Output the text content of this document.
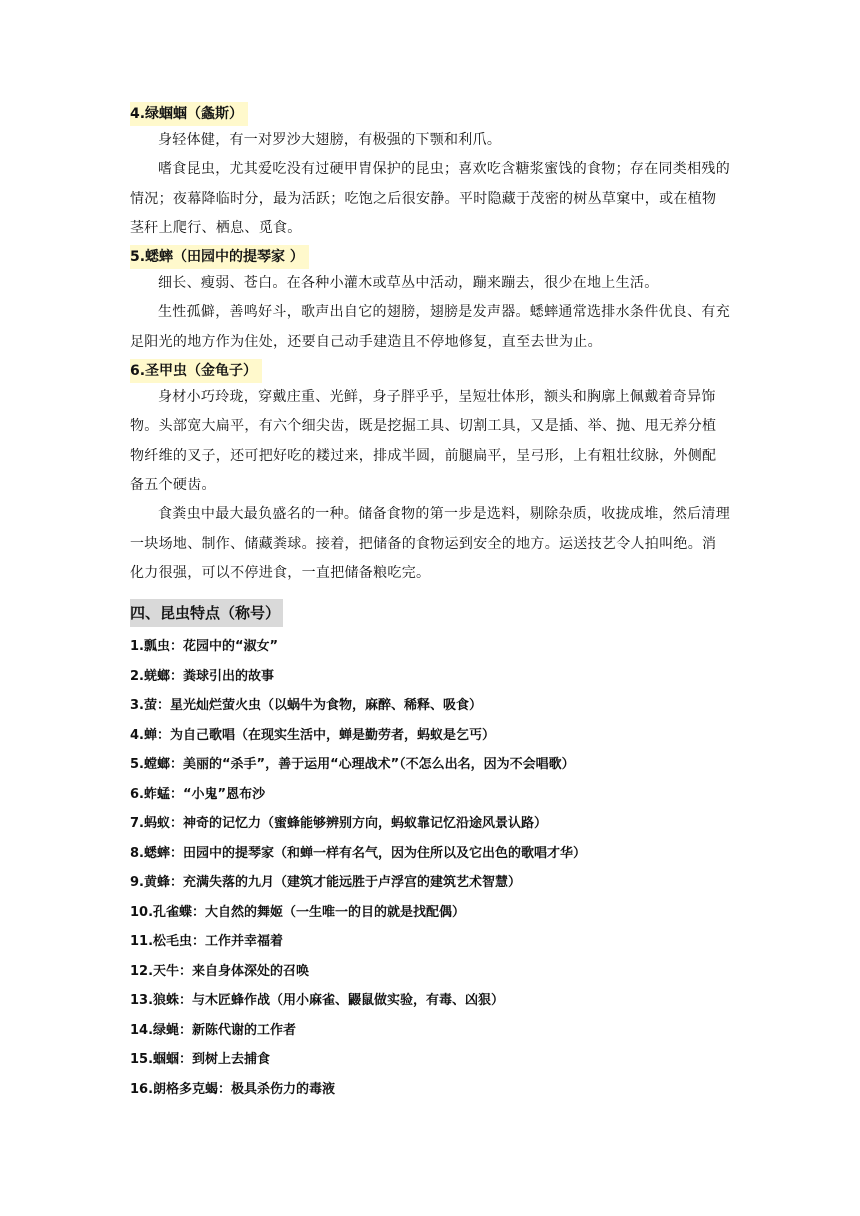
4.绿蝈蝈（螽斯）

身轻体健，有一对罗沙大翅膀，有极强的下颚和利爪。

嗜食昆虫，尤其爱吃没有过硬甲胄保护的昆虫；喜欢吃含糖浆蜜饯的食物；存在同类相残的情况；夜幕降临时分，最为活跃；吃饱之后很安静。平时隐藏于茂密的树丛草窠中，或在植物茎秆上爬行、栖息、觅食。

5.蟋蟀（田园中的提琴家 ）

细长、瘦弱、苍白。在各种小灌木或草丛中活动，蹦来蹦去，很少在地上生活。

生性孤僻，善鸣好斗，歌声出自它的翅膀，翅膀是发声器。蟋蟀通常选排水条件优良、有充足阳光的地方作为住处，还要自己动手建造且不停地修复，直至去世为止。

6.圣甲虫（金龟子）

身材小巧玲珑，穿戴庄重、光鲜，身子胖乎乎，呈短壮体形，额头和胸廓上佩戴着奇异饰物。头部宽大扁平，有六个细尖齿，既是挖掘工具、切割工具，又是插、举、抛、甩无养分植物纤维的叉子，还可把好吃的耧过来，排成半圆，前腿扁平，呈弓形，上有粗壮纹脉，外侧配备五个硬齿。

食粪虫中最大最负盛名的一种。储备食物的第一步是选料，剔除杂质，收拢成堆，然后清理一块场地、制作、储藏粪球。接着，把储备的食物运到安全的地方。运送技艺令人拍叫绝。消化力很强，可以不停进食，一直把储备粮吃完。

四、昆虫特点（称号）
1.瓢虫：花园中的“淑女”
2.蜣螂：粪球引出的故事
3.萤：星光灿烂萤火虫（以蜗牛为食物，麻醉、稀释、吸食）
4.蝉：为自己歌唱（在现实生活中，蝉是勤劳者，蚂蚁是乞丐）
5.螳螂：美丽的“杀手”，善于运用“心理战术”（不怎么出名，因为不会唱歌）
6.蚱蜢：“小鬼”恩布沙
7.蚂蚁：神奇的记忆力（蜜蜂能够辨别方向，蚂蚁靠记忆沿途风景认路）
8.蟋蟀：田园中的提琴家（和蝉一样有名气，因为住所以及它出色的歌唱才华）
9.黄蜂：充满失落的九月（建筑才能远胜于卢浮宫的建筑艺术智慧）
10.孔雀蝶：大自然的舞姬（一生唯一的目的就是找配偶）
11.松毛虫：工作并幸福着
12.天牛：来自身体深处的召唤
13.狼蛛：与木匠蜂作战（用小麻雀、鼹鼠做实验，有毒、凶狠）
14.绿蝇：新陈代谢的工作者
15.蝈蝈：到树上去捕食
16.朗格多克蝎：极具杀伤力的毒液
